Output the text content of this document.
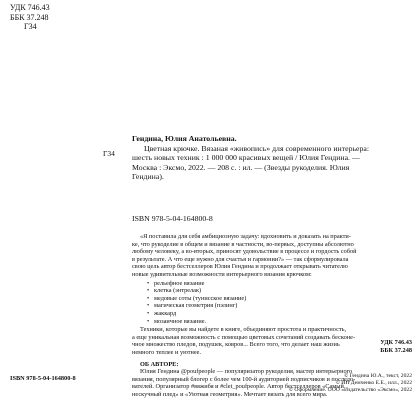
УДК 746.43
ББК 37.248
Г34
Г34

Гендина, Юлия Анатольевна.

Цветная крючке. Вязаная «живопись» для современного интерьера:

шесть новых техник : 1 000 000 красивых вещей / Юлия Гендина. —

Москва : Эксмо, 2022. — 208 с. : ил. — (Звезды рукоделия. Юлия

Гендина).

ISBN 978-5-04-164800-8

«Я поставила для себя амбициозную задачу: вдохновить и доказать на практи-

ке, что рукоделие в общем и вязание в частности, во-первых, доступны абсолютно

любому человеку, а во-вторых, приносят удовольствие в процессе и гордость собой

в результате. А что еще нужно для счастья и гармонии?» — так сформулировала

свою цель автор бестселлеров Юлия Гендина и продолжает открывать читателю

новые удивительные возможности интерьерного вязания крючком:

• рельефное вязание
• клетка (энтрелак)
• медовые соты (тунисское вязание)
• магическая геометрия (пэлинг)
• жаккард
• мозаичное вязание.

Техники, которые вы найдете в книге, объединяют простота и практичность,

а еще уникальная возможность с помощью цветовых сочетаний создавать бесконе-

чное множество пледов, подушек, ковров... Всего того, что делает наш жизнь

немного теплее и уютнее.

ОБ АВТОРЕ:

Юлия Гендина @poufpeople — популяризатор рукоделия, мастер интерьерного

вязания, популярный блогер с более чем 100-й аудиторией подписчиков и последо-

вателей. Организатор #вяжибя и #clet_poufpeople. Автор бестселлеров «Самый

нескучный плед» и «Уютная геометрия». Мечтает вязать для всего мира.

УДК 746.43
ББК 37.248
ISBN 978-5-04-164800-8	© Гендина Ю.А., текст, 2022
© ИП Демченко Е.Е., илл., 2022
© Оформление. ООО «Издательство «Эксмо», 2022
